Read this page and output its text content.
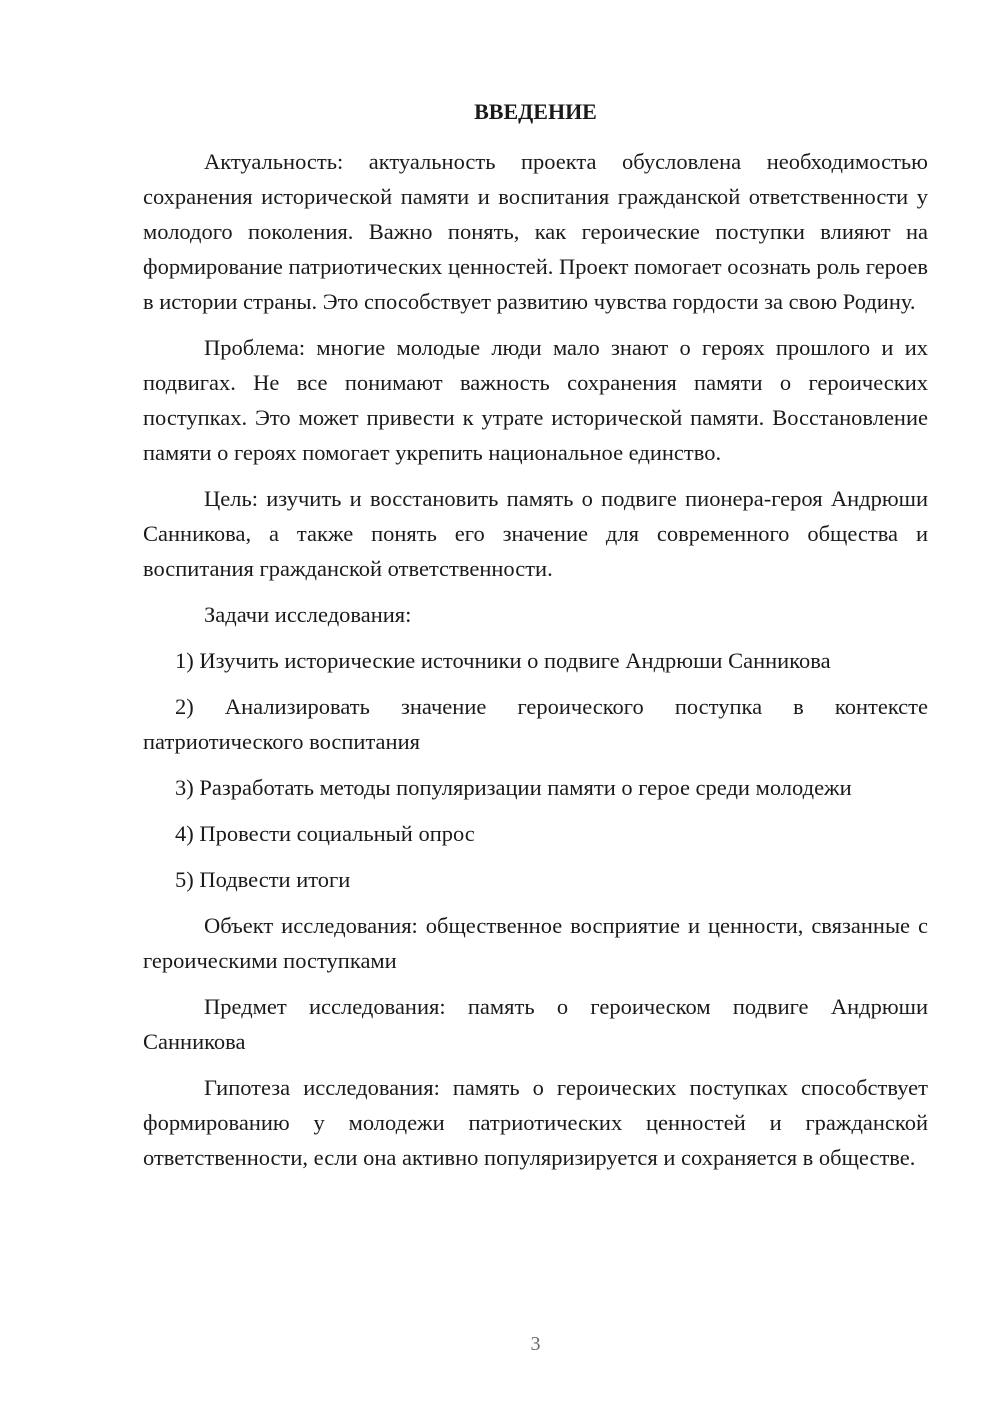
ВВЕДЕНИЕ

Актуальность: актуальность проекта обусловлена необходимостью сохранения исторической памяти и воспитания гражданской ответственности у молодого поколения. Важно понять, как героические поступки влияют на формирование патриотических ценностей. Проект помогает осознать роль героев в истории страны. Это способствует развитию чувства гордости за свою Родину.

Проблема: многие молодые люди мало знают о героях прошлого и их подвигах. Не все понимают важность сохранения памяти о героических поступках. Это может привести к утрате исторической памяти. Восстановление памяти о героях помогает укрепить национальное единство.

Цель: изучить и восстановить память о подвиге пионера-героя Андрюши Санникова, а также понять его значение для современного общества и воспитания гражданской ответственности.

Задачи исследования:

1) Изучить исторические источники о подвиге Андрюши Санникова

2) Анализировать значение героического поступка в контексте патриотического воспитания

3) Разработать методы популяризации памяти о герое среди молодежи

4) Провести социальный опрос

5) Подвести итоги

Объект исследования: общественное восприятие и ценности, связанные с героическими поступками

Предмет исследования: память о героическом подвиге Андрюши Санникова

Гипотеза исследования: память о героических поступках способствует формированию у молодежи патриотических ценностей и гражданской ответственности, если она активно популяризируется и сохраняется в обществе.

3
